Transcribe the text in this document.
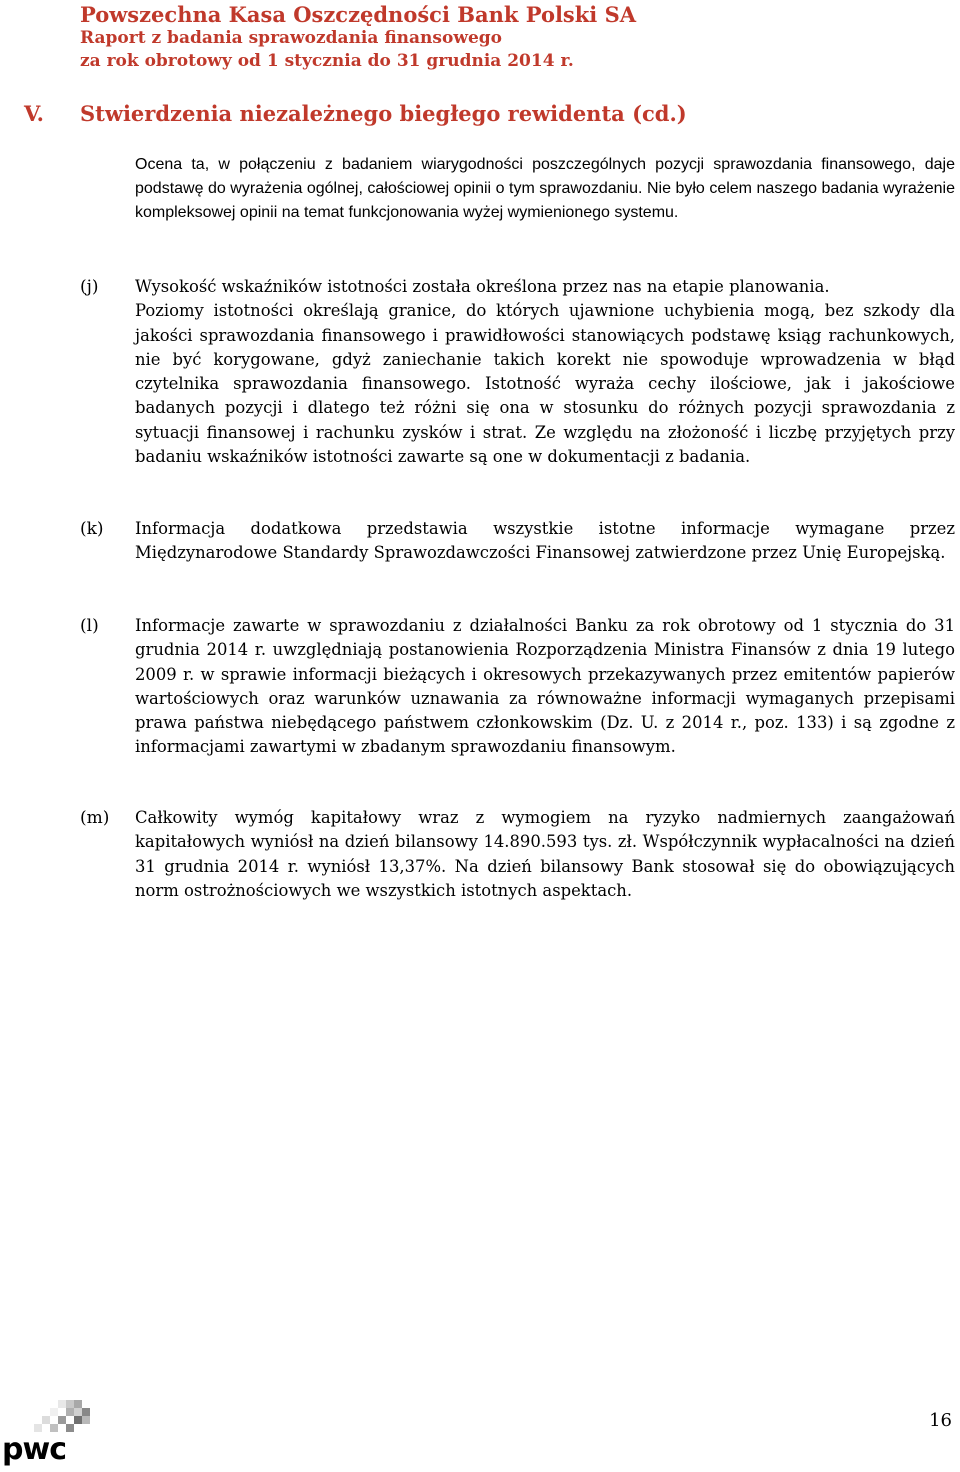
Powszechna Kasa Oszczędności Bank Polski SA
Raport z badania sprawozdania finansowego
za rok obrotowy od 1 stycznia do 31 grudnia 2014 r.
V. Stwierdzenia niezależnego biegłego rewidenta (cd.)
Ocena ta, w połączeniu z badaniem wiarygodności poszczególnych pozycji sprawozdania finansowego, daje podstawę do wyrażenia ogólnej, całościowej opinii o tym sprawozdaniu. Nie było celem naszego badania wyrażenie kompleksowej opinii na temat funkcjonowania wyżej wymienionego systemu.
(j) Wysokość wskaźników istotności została określona przez nas na etapie planowania.

Poziomy istotności określają granice, do których ujawnione uchybienia mogą, bez szkody dla jakości sprawozdania finansowego i prawidłowości stanowiących podstawę ksiąg rachunkowych, nie być korygowane, gdyż zaniechanie takich korekt nie spowoduje wprowadzenia w błąd czytelnika sprawozdania finansowego. Istotność wyraża cechy ilościowe, jak i jakościowe badanych pozycji i dlatego też różni się ona w stosunku do różnych pozycji sprawozdania z sytuacji finansowej i rachunku zysków i strat. Ze względu na złożoność i liczbę przyjętych przy badaniu wskaźników istotności zawarte są one w dokumentacji z badania.

(k) Informacja dodatkowa przedstawia wszystkie istotne informacje wymagane przez Międzynarodowe Standardy Sprawozdawczości Finansowej zatwierdzone przez Unię Europejską.

(l) Informacje zawarte w sprawozdaniu z działalności Banku za rok obrotowy od 1 stycznia do 31 grudnia 2014 r. uwzględniają postanowienia Rozporządzenia Ministra Finansów z dnia 19 lutego 2009 r. w sprawie informacji bieżących i okresowych przekazywanych przez emitentów papierów wartościowych oraz warunków uznawania za równoważne informacji wymaganych przepisami prawa państwa niebędącego państwem członkowskim (Dz. U. z 2014 r., poz. 133) i są zgodne z informacjami zawartymi w zbadanym sprawozdaniu finansowym.

(m) Całkowity wymóg kapitałowy wraz z wymogiem na ryzyko nadmiernych zaangażowań kapitałowych wyniósł na dzień bilansowy 14.890.593 tys. zł. Współczynnik wypłacalności na dzień 31 grudnia 2014 r. wyniósł 13,37%. Na dzień bilansowy Bank stosował się do obowiązujących norm ostrożnościowych we wszystkich istotnych aspektach.

16
pwc
